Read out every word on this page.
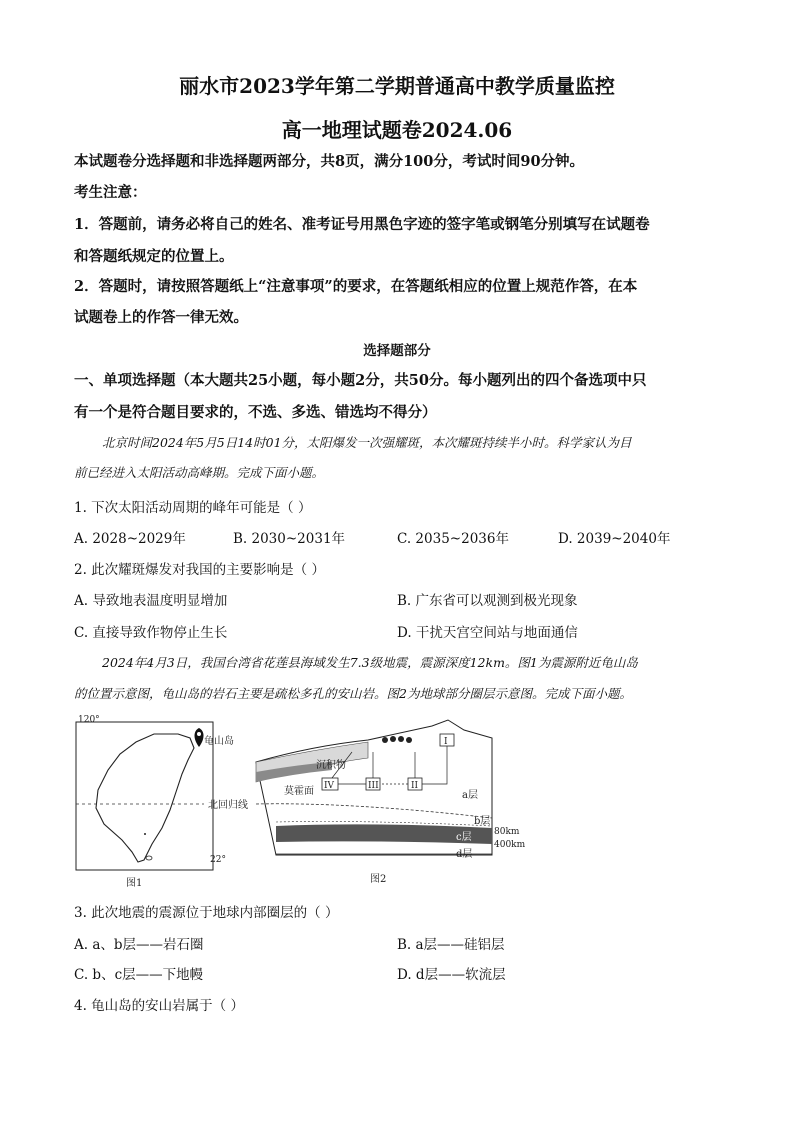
丽水市2023学年第二学期普通高中教学质量监控
高一地理试题卷2024.06
本试题卷分选择题和非选择题两部分，共8页，满分100分，考试时间90分钟。
考生注意：
1．答题前，请务必将自己的姓名、准考证号用黑色字迹的签字笔或钢笔分别填写在试题卷
和答题纸规定的位置上。
2．答题时，请按照答题纸上“注意事项”的要求，在答题纸相应的位置上规范作答，在本
试题卷上的作答一律无效。
选择题部分
一、单项选择题（本大题共25小题，每小题2分，共50分。每小题列出的四个备选项中只
有一个是符合题目要求的，不选、多选、错选均不得分）
北京时间2024年5月5日14时01分，太阳爆发一次强耀斑，本次耀斑持续半小时。科学家认为目
前已经进入太阳活动高峰期。完成下面小题。
1. 下次太阳活动周期的峰年可能是（ ）
A. 2028~2029年	B. 2030~2031年	C. 2035~2036年	D. 2039~2040年
2. 此次耀斑爆发对我国的主要影响是（ ）
A. 导致地表温度明显增加	B. 广东省可以观测到极光现象
C. 直接导致作物停止生长	D. 干扰天宫空间站与地面通信
2024年4月3日，我国台湾省花莲县海域发生7.3级地震，震源深度12km。图1为震源附近龟山岛
的位置示意图，龟山岛的岩石主要是疏松多孔的安山岩。图2为地球部分圈层示意图。完成下面小题。
120°
22°
北回归线
龟山岛
图1
I
II
III
IV
沉积物
莫霍面	a层
b层
c层
d层
80km
400km
图2
3. 此次地震的震源位于地球内部圈层的（ ）
A. a、b层——岩石圈	B. a层——硅铝层
C. b、c层——下地幔	D. d层——软流层
4. 龟山岛的安山岩属于（ ）
